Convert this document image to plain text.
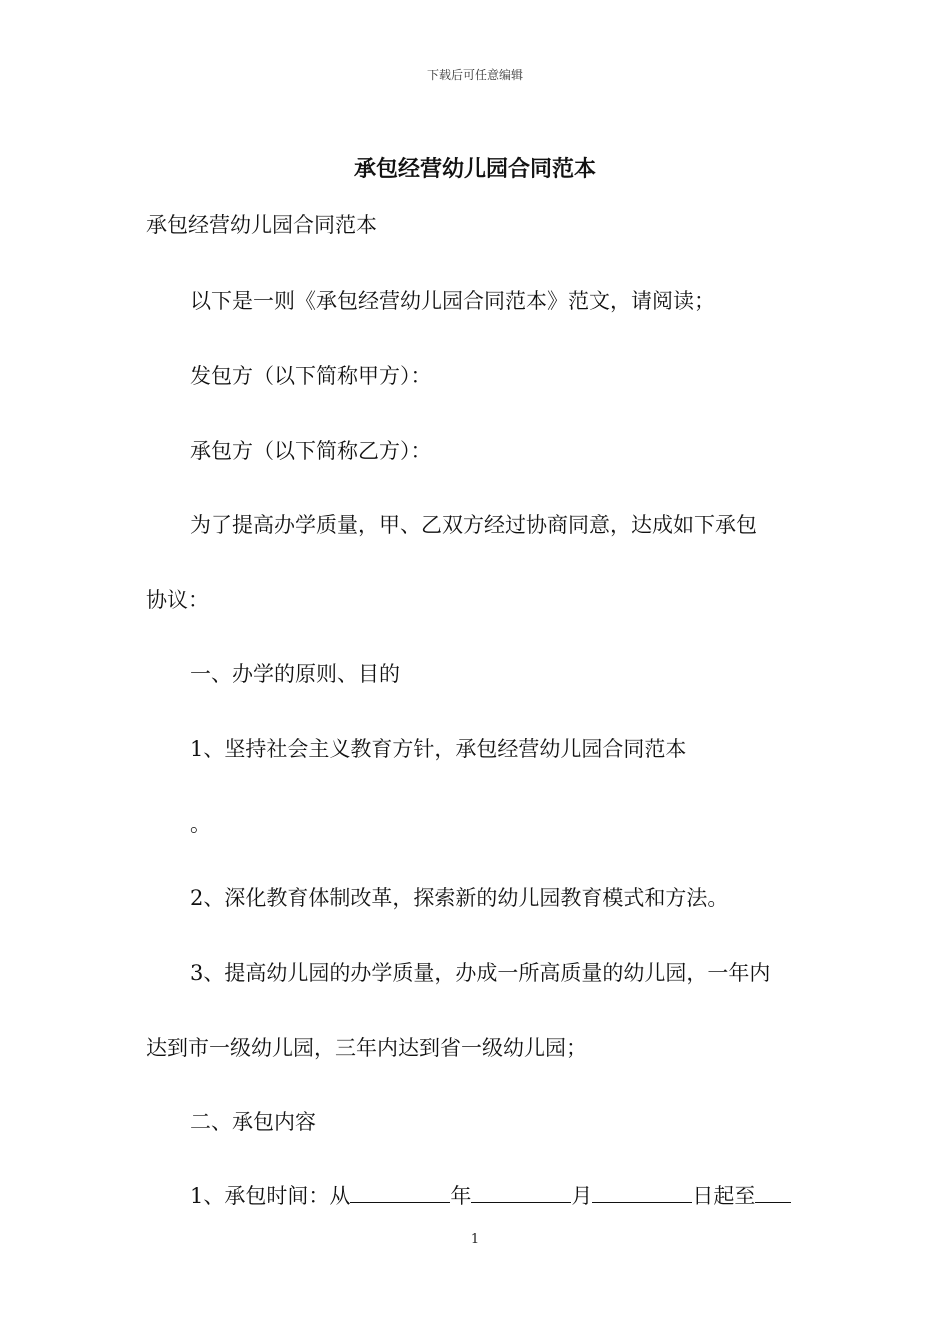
下载后可任意编辑
承包经营幼儿园合同范本
承包经营幼儿园合同范本
以下是一则《承包经营幼儿园合同范本》范文，请阅读；
发包方（以下简称甲方）：
承包方（以下简称乙方）：
为了提高办学质量，甲、乙双方经过协商同意，达成如下承包
协议：
一、办学的原则、目的
1、坚持社会主义教育方针，承包经营幼儿园合同范本
。
2、深化教育体制改革，探索新的幼儿园教育模式和方法。
3、提高幼儿园的办学质量，办成一所高质量的幼儿园，一年内
达到市一级幼儿园，三年内达到省一级幼儿园；
二、承包内容
1、承包时间：从	年	月	日起至
1
